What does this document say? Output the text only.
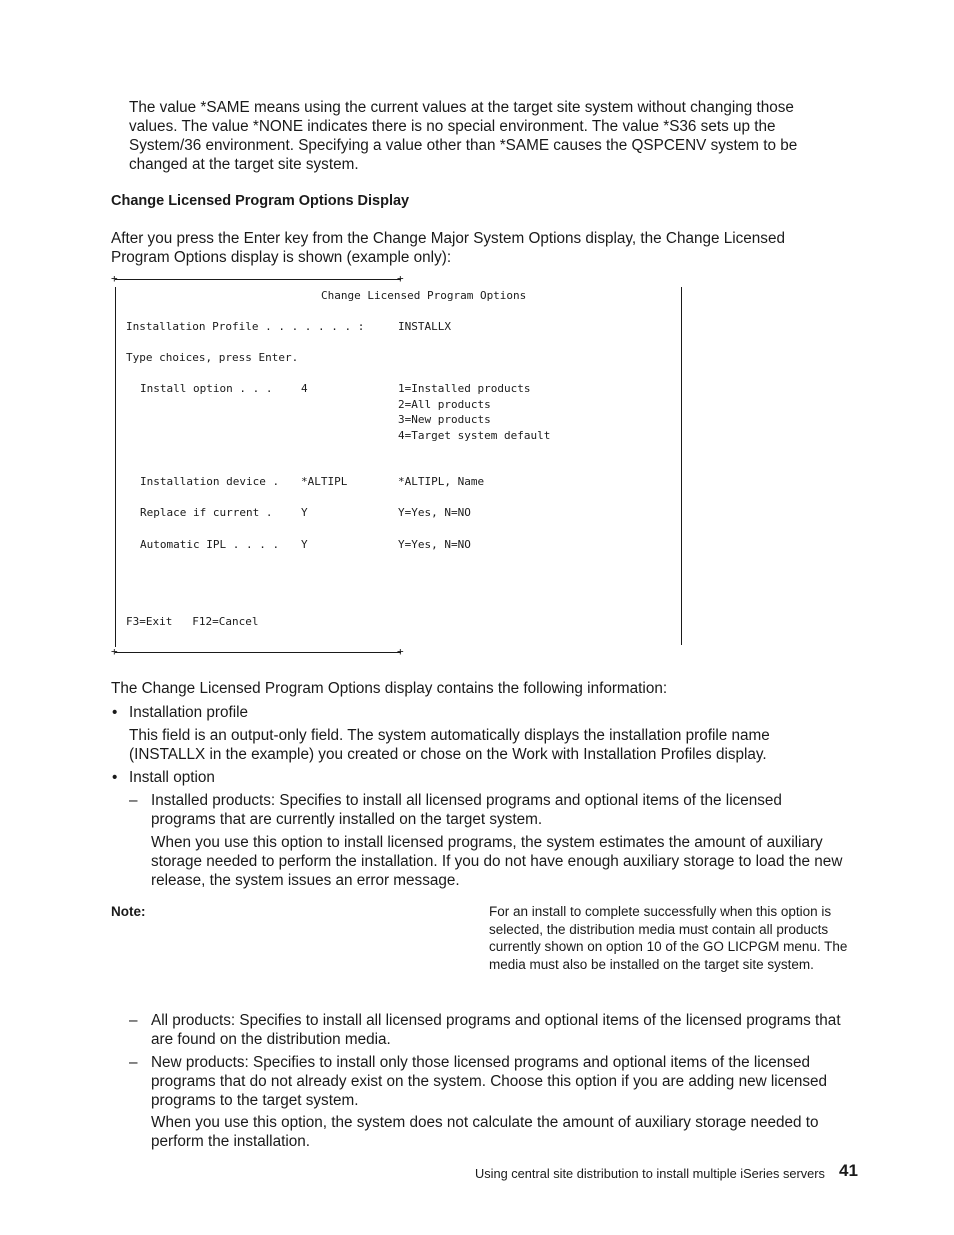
The value *SAME means using the current values at the target site system without changing those values. The value *NONE indicates there is no special environment. The value *S36 sets up the System/36 environment. Specifying a value other than *SAME causes the QSPCENV system to be changed at the target site system.

Change Licensed Program Options Display

After you press the Enter key from the Change Major System Options display, the Change Licensed Program Options display is shown (example only):

+	+
Change Licensed Program Options
Installation Profile . . . . . . . :	INSTALLX
Type choices, press Enter.
Install option . . .	4	1=Installed products
2=All products
3=New products
4=Target system default
Installation device . *ALTIPL	*ALTIPL, Name
Replace if current .	Y	Y=Yes, N=NO
Automatic IPL . . . . Y	Y=Yes, N=NO
F3=Exit   F12=Cancel
+	+

The Change Licensed Program Options display contains the following information:

• Installation profile

This field is an output-only field. The system automatically displays the installation profile name (INSTALLX in the example) you created or chose on the Work with Installation Profiles display.

• Install option
– Installed products: Specifies to install all licensed programs and optional items of the licensed programs that are currently installed on the target system.

When you use this option to install licensed programs, the system estimates the amount of auxiliary storage needed to perform the installation. If you do not have enough auxiliary storage to load the new release, the system issues an error message.

Note:	For an install to complete successfully when this option is selected, the distribution media must contain all products currently shown on option 10 of the GO LICPGM menu. The media must also be installed on the target site system.

– All products: Specifies to install all licensed programs and optional items of the licensed programs that are found on the distribution media.

– New products: Specifies to install only those licensed programs and optional items of the licensed programs that do not already exist on the system. Choose this option if you are adding new licensed programs to the target system.

When you use this option, the system does not calculate the amount of auxiliary storage needed to perform the installation.

Using central site distribution to install multiple iSeries servers 41
